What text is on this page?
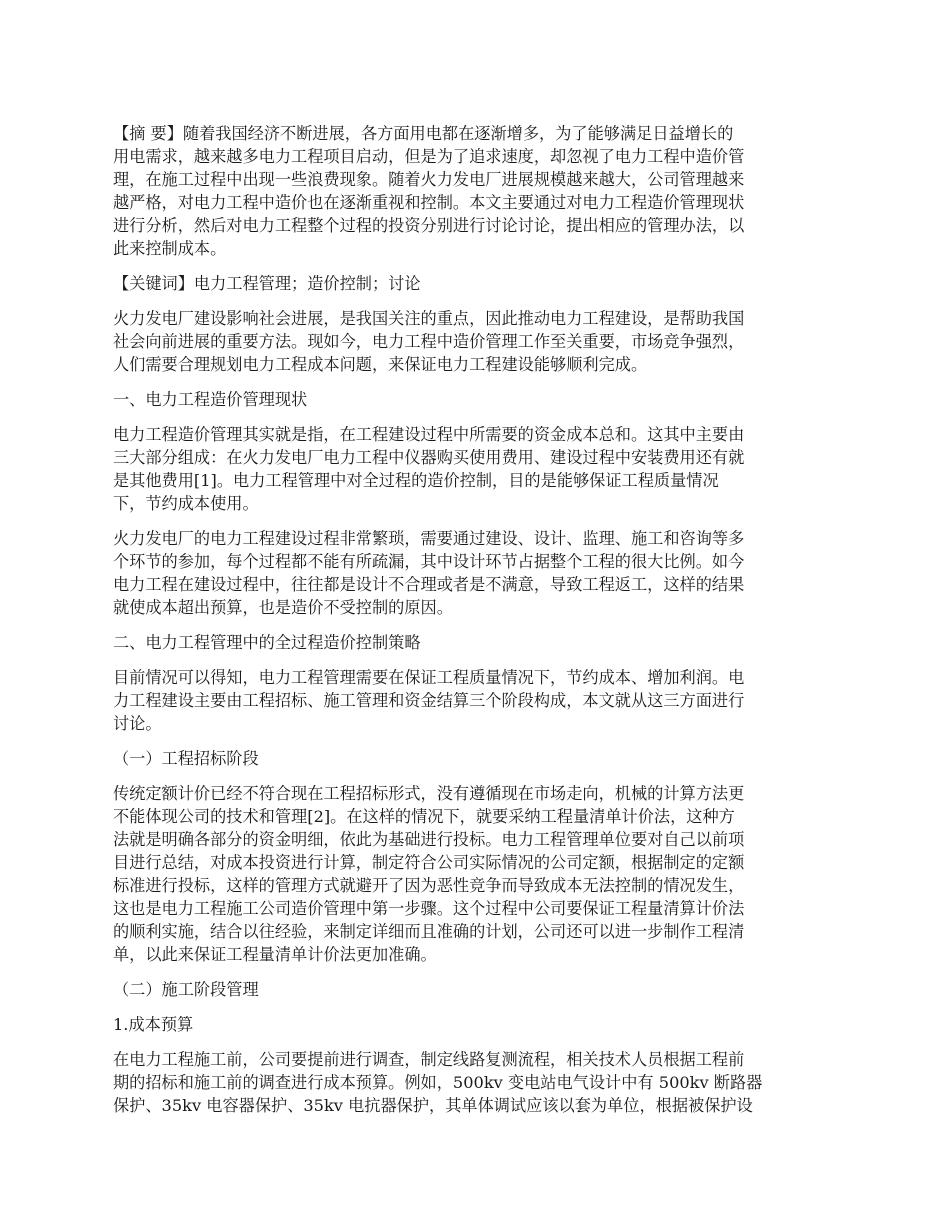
【摘 要】随着我国经济不断进展，各方面用电都在逐渐增多，为了能够满足日益增长的
用电需求，越来越多电力工程项目启动，但是为了追求速度，却忽视了电力工程中造价管
理，在施工过程中出现一些浪费现象。随着火力发电厂进展规模越来越大，公司管理越来
越严格，对电力工程中造价也在逐渐重视和控制。本文主要通过对电力工程造价管理现状
进行分析，然后对电力工程整个过程的投资分别进行讨论讨论，提出相应的管理办法，以
此来控制成本。
【关键词】电力工程管理；造价控制；讨论
火力发电厂建设影响社会进展，是我国关注的重点，因此推动电力工程建设，是帮助我国
社会向前进展的重要方法。现如今，电力工程中造价管理工作至关重要，市场竞争强烈，
人们需要合理规划电力工程成本问题，来保证电力工程建设能够顺利完成。
一、电力工程造价管理现状
电力工程造价管理其实就是指，在工程建设过程中所需要的资金成本总和。这其中主要由
三大部分组成：在火力发电厂电力工程中仪器购买使用费用、建设过程中安装费用还有就
是其他费用[1]。电力工程管理中对全过程的造价控制，目的是能够保证工程质量情况
下，节约成本使用。
火力发电厂的电力工程建设过程非常繁琐，需要通过建设、设计、监理、施工和咨询等多
个环节的参加，每个过程都不能有所疏漏，其中设计环节占据整个工程的很大比例。如今
电力工程在建设过程中，往往都是设计不合理或者是不满意，导致工程返工，这样的结果
就使成本超出预算，也是造价不受控制的原因。
二、电力工程管理中的全过程造价控制策略
目前情况可以得知，电力工程管理需要在保证工程质量情况下，节约成本、增加利润。电
力工程建设主要由工程招标、施工管理和资金结算三个阶段构成，本文就从这三方面进行
讨论。
（一）工程招标阶段
传统定额计价已经不符合现在工程招标形式，没有遵循现在市场走向，机械的计算方法更
不能体现公司的技术和管理[2]。在这样的情况下，就要采纳工程量清单计价法，这种方
法就是明确各部分的资金明细，依此为基础进行投标。电力工程管理单位要对自己以前项
目进行总结，对成本投资进行计算，制定符合公司实际情况的公司定额，根据制定的定额
标准进行投标，这样的管理方式就避开了因为恶性竞争而导致成本无法控制的情况发生，
这也是电力工程施工公司造价管理中第一步骤。这个过程中公司要保证工程量清算计价法
的顺利实施，结合以往经验，来制定详细而且准确的计划，公司还可以进一步制作工程清
单，以此来保证工程量清单计价法更加准确。
（二）施工阶段管理
1.成本预算
在电力工程施工前，公司要提前进行调查，制定线路复测流程，相关技术人员根据工程前
期的招标和施工前的调查进行成本预算。例如，500kv 变电站电气设计中有 500kv 断路器
保护、35kv 电容器保护、35kv 电抗器保护，其单体调试应该以套为单位，根据被保护设
